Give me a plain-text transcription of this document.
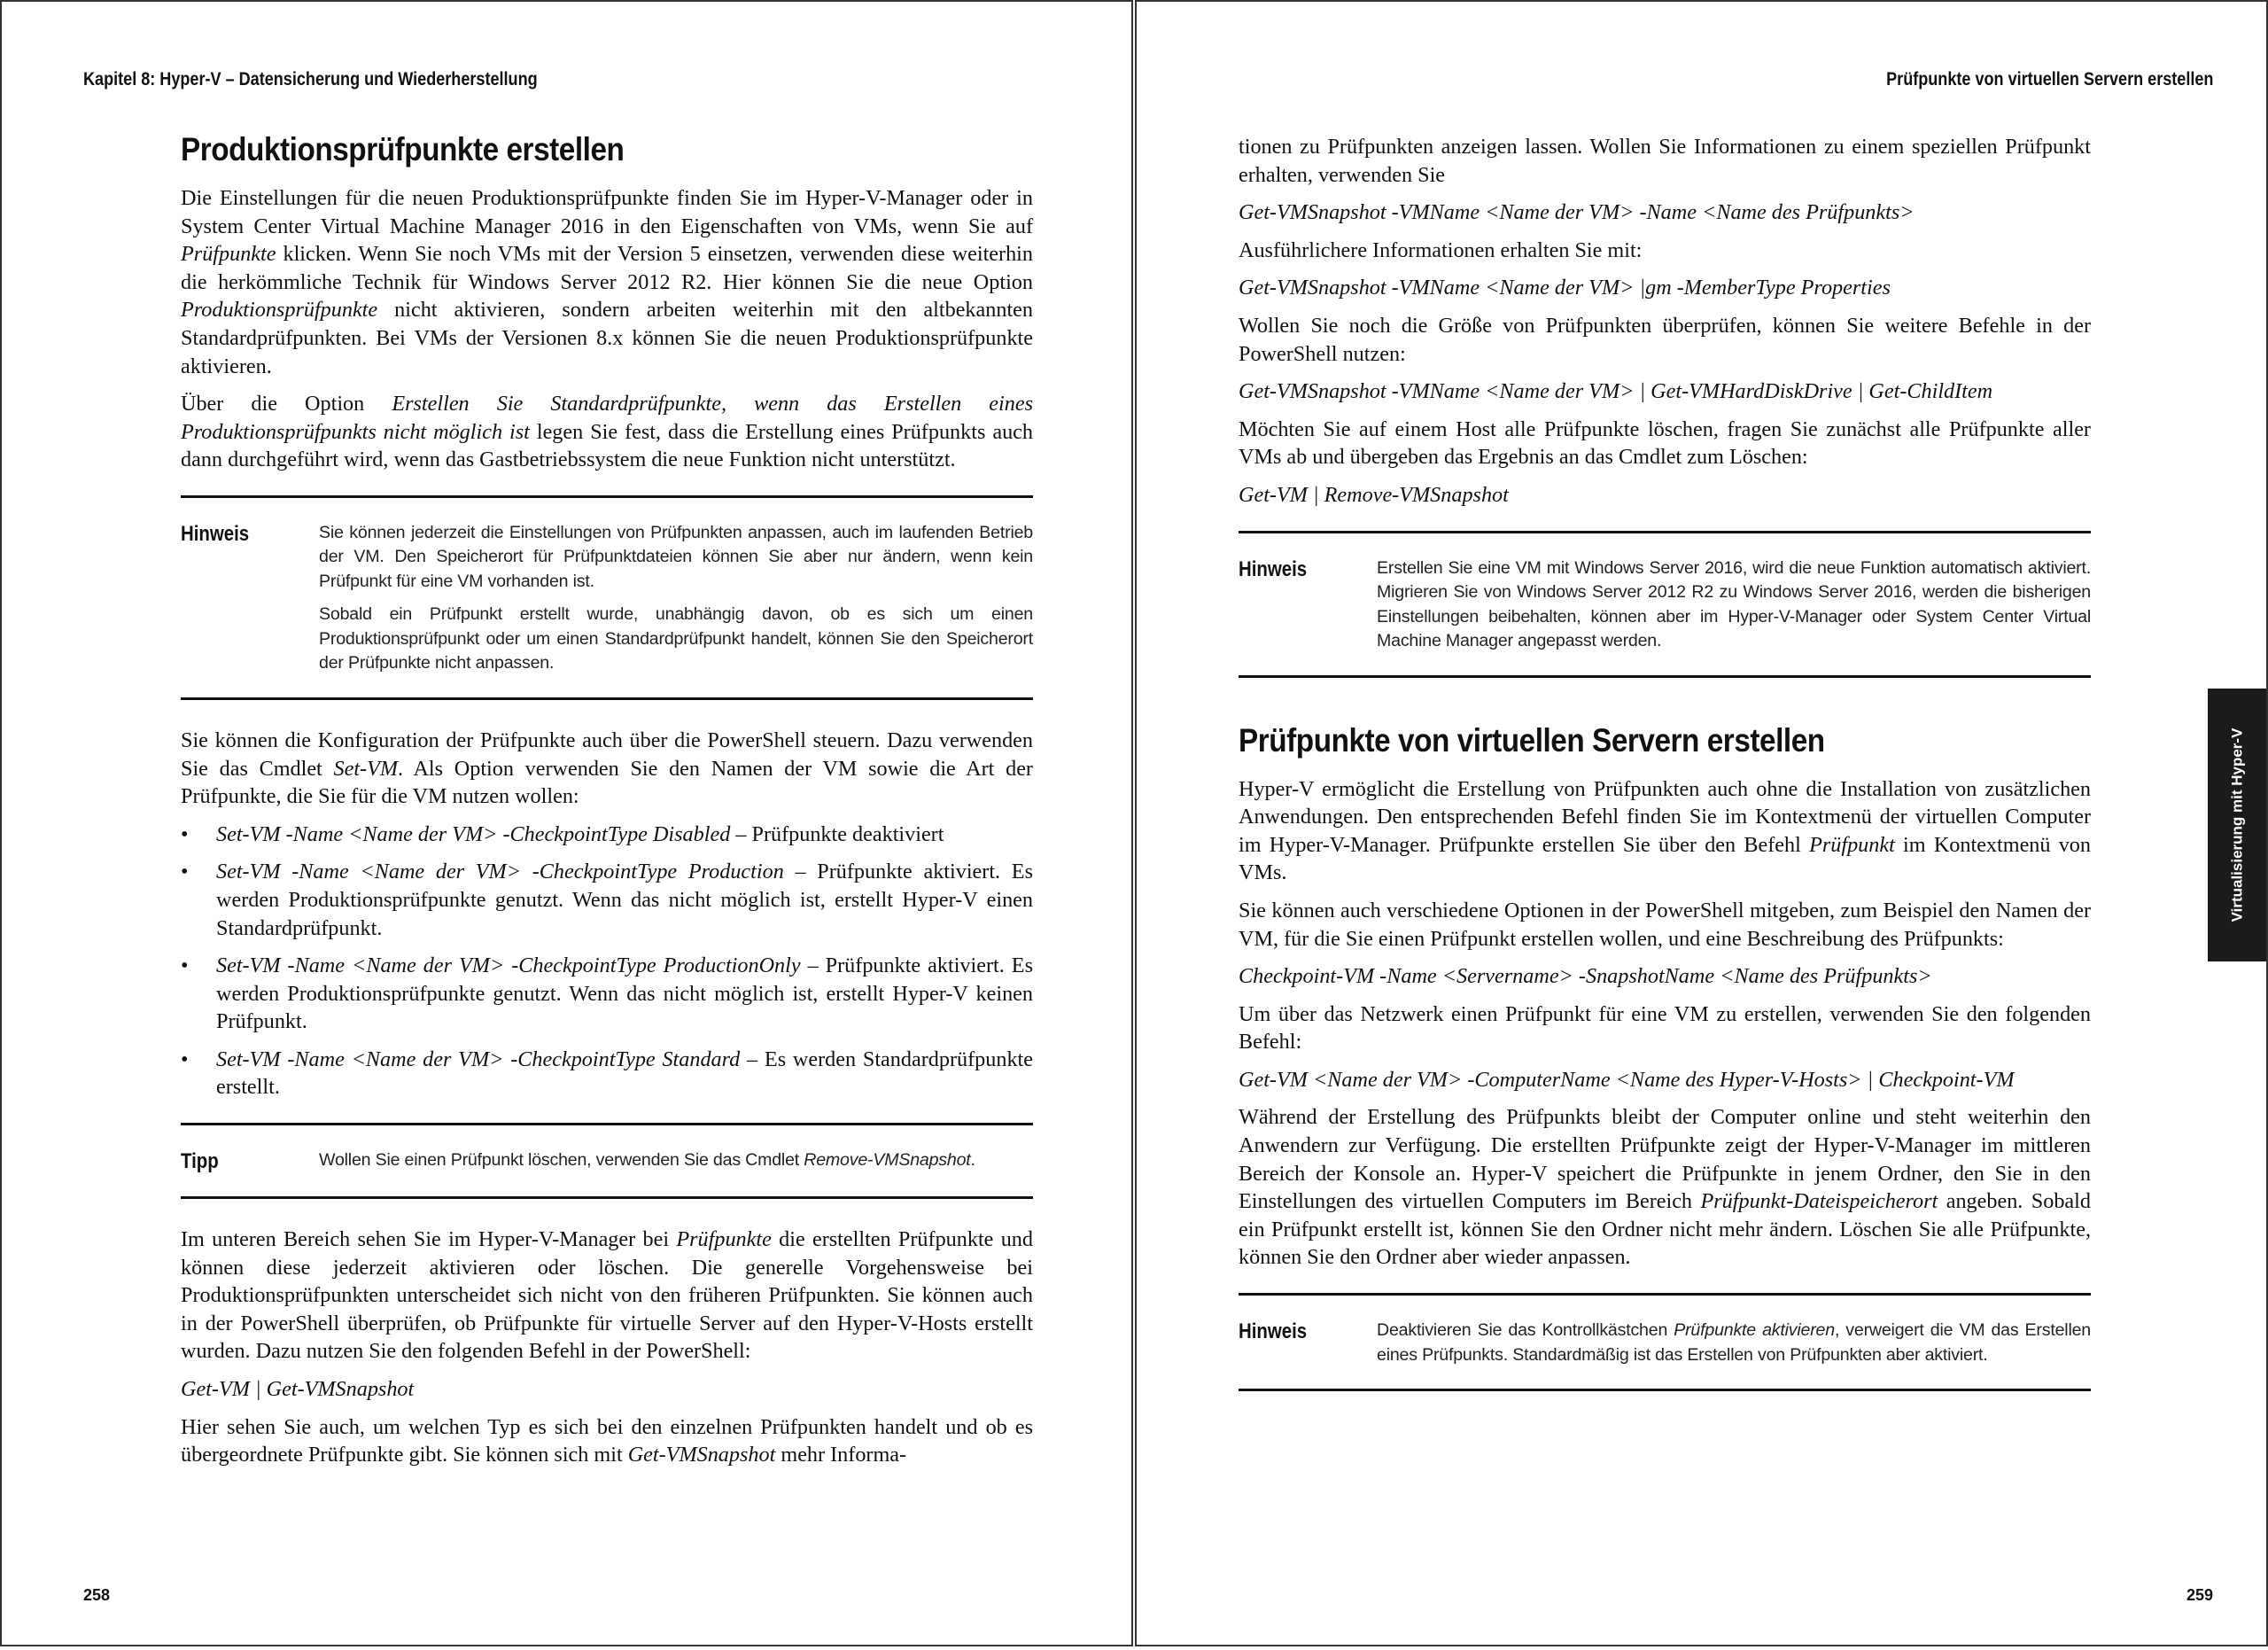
Kapitel 8: Hyper-V – Datensicherung und Wiederherstellung
Produktionsprüfpunkte erstellen

Die Einstellungen für die neuen Produktionsprüfpunkte finden Sie im Hyper-V-Manager oder in System Center Virtual Machine Manager 2016 in den Eigenschaften von VMs, wenn Sie auf Prüfpunkte klicken. Wenn Sie noch VMs mit der Version 5 einsetzen, verwenden diese weiterhin die herkömmliche Technik für Windows Server 2012 R2. Hier können Sie die neue Option Produktionsprüfpunkte nicht aktivieren, sondern arbeiten weiterhin mit den altbekannten Standardprüfpunkten. Bei VMs der Versionen 8.x können Sie die neuen Produktionsprüfpunkte aktivieren.

Über die Option Erstellen Sie Standardprüfpunkte, wenn das Erstellen eines Produktionsprüfpunkts nicht möglich ist legen Sie fest, dass die Erstellung eines Prüfpunkts auch dann durchgeführt wird, wenn das Gastbetriebssystem die neue Funktion nicht unterstützt.

Hinweis	Sie können jederzeit die Einstellungen von Prüfpunkten anpassen, auch im laufenden Betrieb der VM. Den Speicherort für Prüfpunktdateien können Sie aber nur ändern, wenn kein Prüfpunkt für eine VM vorhanden ist.

Sobald ein Prüfpunkt erstellt wurde, unabhängig davon, ob es sich um einen Produktionsprüfpunkt oder um einen Standardprüfpunkt handelt, können Sie den Speicherort der Prüfpunkte nicht anpassen.

Sie können die Konfiguration der Prüfpunkte auch über die PowerShell steuern. Dazu verwenden Sie das Cmdlet Set-VM. Als Option verwenden Sie den Namen der VM sowie die Art der Prüfpunkte, die Sie für die VM nutzen wollen:

• Set-VM -Name <Name der VM> -CheckpointType Disabled – Prüfpunkte deaktiviert
• Set-VM -Name <Name der VM> -CheckpointType Production – Prüfpunkte aktiviert. Es werden Produktionsprüfpunkte genutzt. Wenn das nicht möglich ist, erstellt Hyper-V einen Standardprüfpunkt.
• Set-VM -Name <Name der VM> -CheckpointType ProductionOnly – Prüfpunkte aktiviert. Es werden Produktionsprüfpunkte genutzt. Wenn das nicht möglich ist, erstellt Hyper-V keinen Prüfpunkt.
• Set-VM -Name <Name der VM> -CheckpointType Standard – Es werden Standardprüfpunkte erstellt.
Tipp	Wollen Sie einen Prüfpunkt löschen, verwenden Sie das Cmdlet Remove-VMSnapshot.

Im unteren Bereich sehen Sie im Hyper-V-Manager bei Prüfpunkte die erstellten Prüfpunkte und können diese jederzeit aktivieren oder löschen. Die generelle Vorgehensweise bei Produktionsprüfpunkten unterscheidet sich nicht von den früheren Prüfpunkten. Sie können auch in der PowerShell überprüfen, ob Prüfpunkte für virtuelle Server auf den Hyper-V-Hosts erstellt wurden. Dazu nutzen Sie den folgenden Befehl in der PowerShell:

Get-VM | Get-VMSnapshot

Hier sehen Sie auch, um welchen Typ es sich bei den einzelnen Prüfpunkten handelt und ob es übergeordnete Prüfpunkte gibt. Sie können sich mit Get-VMSnapshot mehr Informa-

258
Prüfpunkte von virtuellen Servern erstellen

tionen zu Prüfpunkten anzeigen lassen. Wollen Sie Informationen zu einem speziellen Prüfpunkt erhalten, verwenden Sie

Get-VMSnapshot -VMName <Name der VM> -Name <Name des Prüfpunkts>

Ausführlichere Informationen erhalten Sie mit:

Get-VMSnapshot -VMName <Name der VM> |gm -MemberType Properties

Wollen Sie noch die Größe von Prüfpunkten überprüfen, können Sie weitere Befehle in der PowerShell nutzen:

Get-VMSnapshot -VMName <Name der VM> | Get-VMHardDiskDrive | Get-ChildItem

Möchten Sie auf einem Host alle Prüfpunkte löschen, fragen Sie zunächst alle Prüfpunkte aller VMs ab und übergeben das Ergebnis an das Cmdlet zum Löschen:

Get-VM | Remove-VMSnapshot
Hinweis	Erstellen Sie eine VM mit Windows Server 2016, wird die neue Funktion automatisch aktiviert. Migrieren Sie von Windows Server 2012 R2 zu Windows Server 2016, werden die bisherigen Einstellungen beibehalten, können aber im Hyper-V-Manager oder System Center Virtual Machine Manager angepasst werden.

Prüfpunkte von virtuellen Servern erstellen

Hyper-V ermöglicht die Erstellung von Prüfpunkten auch ohne die Installation von zusätzlichen Anwendungen. Den entsprechenden Befehl finden Sie im Kontextmenü der virtuellen Computer im Hyper-V-Manager. Prüfpunkte erstellen Sie über den Befehl Prüfpunkt im Kontextmenü von VMs.

Sie können auch verschiedene Optionen in der PowerShell mitgeben, zum Beispiel den Namen der VM, für die Sie einen Prüfpunkt erstellen wollen, und eine Beschreibung des Prüfpunkts:

Checkpoint-VM -Name <Servername> -SnapshotName <Name des Prüfpunkts>

Um über das Netzwerk einen Prüfpunkt für eine VM zu erstellen, verwenden Sie den folgenden Befehl:

Get-VM <Name der VM> -ComputerName <Name des Hyper-V-Hosts> | Checkpoint-VM

Während der Erstellung des Prüfpunkts bleibt der Computer online und steht weiterhin den Anwendern zur Verfügung. Die erstellten Prüfpunkte zeigt der Hyper-V-Manager im mittleren Bereich der Konsole an. Hyper-V speichert die Prüfpunkte in jenem Ordner, den Sie in den Einstellungen des virtuellen Computers im Bereich Prüfpunkt-Dateispeicherort angeben. Sobald ein Prüfpunkt erstellt ist, können Sie den Ordner nicht mehr ändern. Löschen Sie alle Prüfpunkte, können Sie den Ordner aber wieder anpassen.

Hinweis	Deaktivieren Sie das Kontrollkästchen Prüfpunkte aktivieren, verweigert die VM das Erstellen eines Prüfpunkts. Standardmäßig ist das Erstellen von Prüfpunkten aber aktiviert.

Virtualisierung mit Hyper-V
259
